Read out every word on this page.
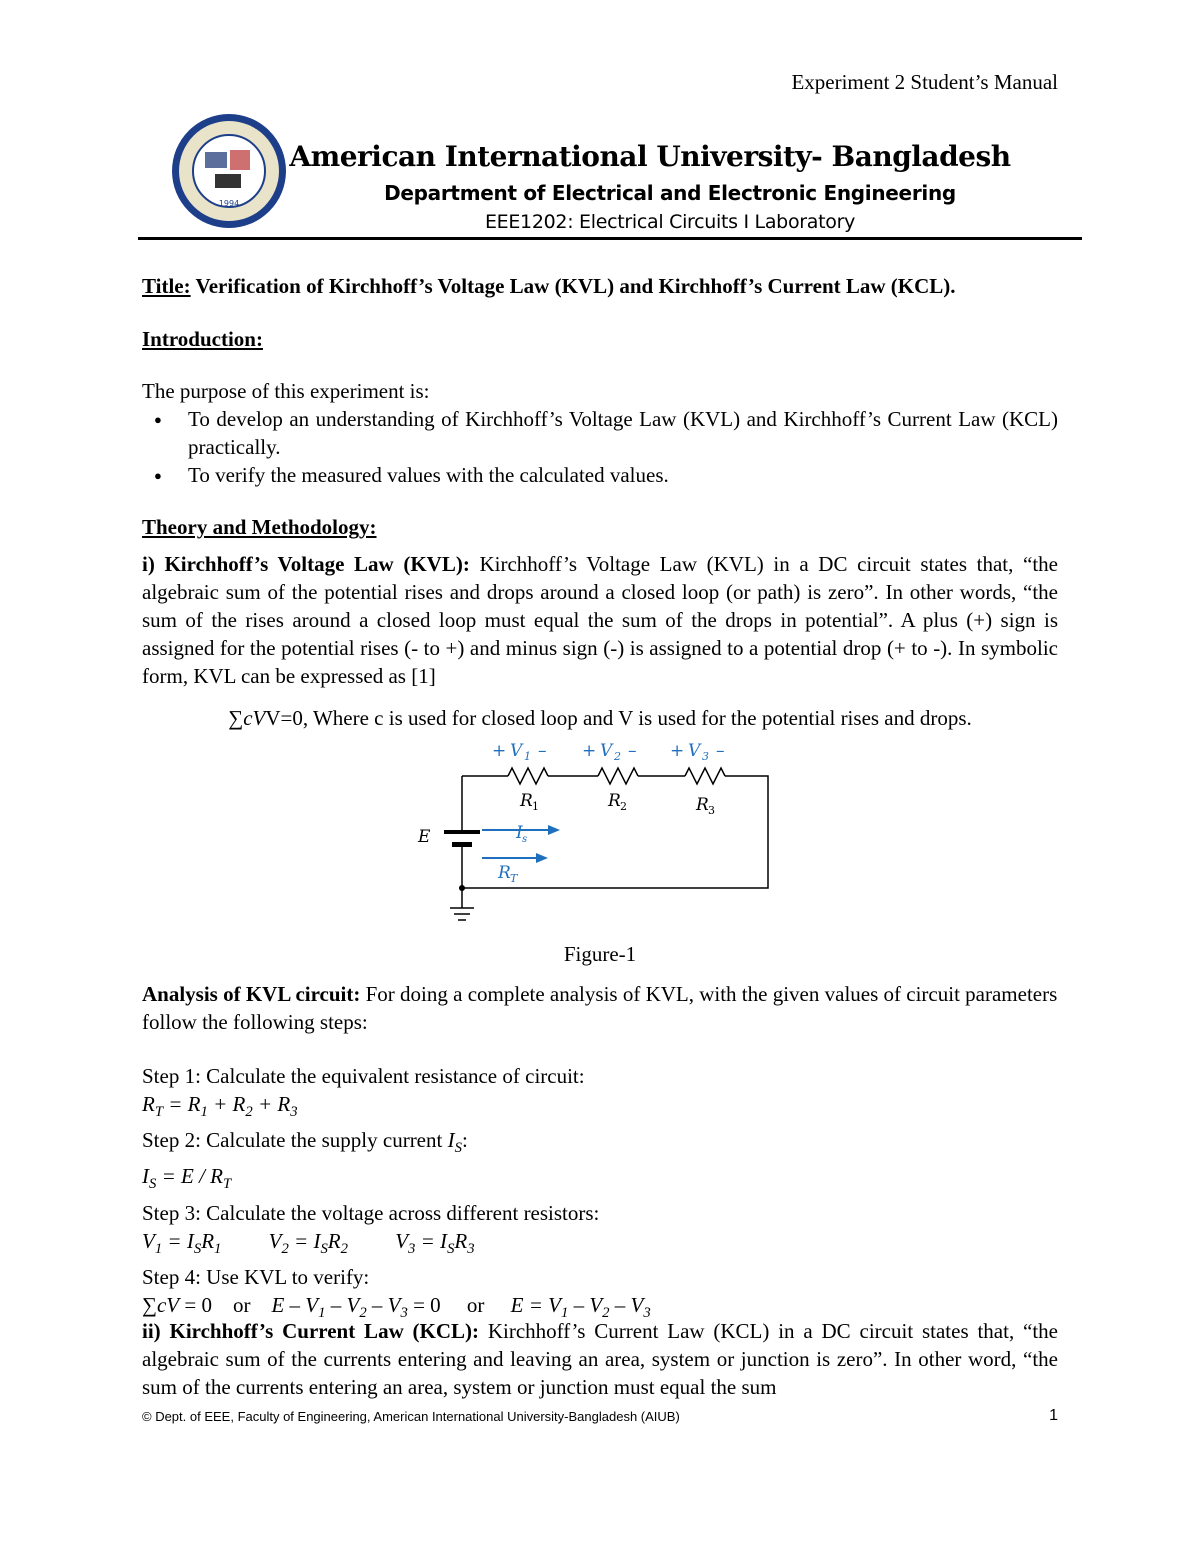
Experiment 2 Student’s Manual
1994
American International University- Bangladesh
Department of Electrical and Electronic Engineering
EEE1202: Electrical Circuits I Laboratory
Title: Verification of Kirchhoff’s Voltage Law (KVL) and Kirchhoff’s Current Law (KCL).
Introduction:
The purpose of this experiment is:
● To develop an understanding of Kirchhoff’s Voltage Law (KVL) and Kirchhoff’s Current Law (KCL) practically.
● To verify the measured values with the calculated values.
Theory and Methodology:
i) Kirchhoff’s Voltage Law (KVL): Kirchhoff’s Voltage Law (KVL) in a DC circuit states that, “the algebraic sum of the potential rises and drops around a closed loop (or path) is zero”. In other words, “the sum of the rises around a closed loop must equal the sum of the drops in potential”. A plus (+) sign is assigned for the potential rises (- to +) and minus sign (-) is assigned to a potential drop (+ to -). In symbolic form, KVL can be expressed as [1]
∑cVV=0, Where c is used for closed loop and V is used for the potential rises and drops.
+ V 1 – + V 2 – + V 3 –
I s
R T
R 1	R 2	R 3
E
Figure-1
Analysis of KVL circuit: For doing a complete analysis of KVL, with the given values of circuit parameters follow the following steps:
Step 1: Calculate the equivalent resistance of circuit:
$R_T = R_1 + R_2 + R_3$
Step 2: Calculate the supply current $I_S$:
$I_S = E / R_T$
Step 3: Calculate the voltage across different resistors:
$V_1 = I_SR_1$         $V_2 = I_SR_2$         $V_3 = I_SR_3$
Step 4: Use KVL to verify:
∑cV = 0    or $E - V_1 - V_2 - V_3 = 0$     or $E = V_1 - V_2 - V_3$
ii) Kirchhoff’s Current Law (KCL): Kirchhoff’s Current Law (KCL) in a DC circuit states that, “the algebraic sum of the currents entering and leaving an area, system or junction is zero”. In other word, “the sum of the currents entering an area, system or junction must equal the sum
© Dept. of EEE, Faculty of Engineering, American International University-Bangladesh (AIUB)	1
